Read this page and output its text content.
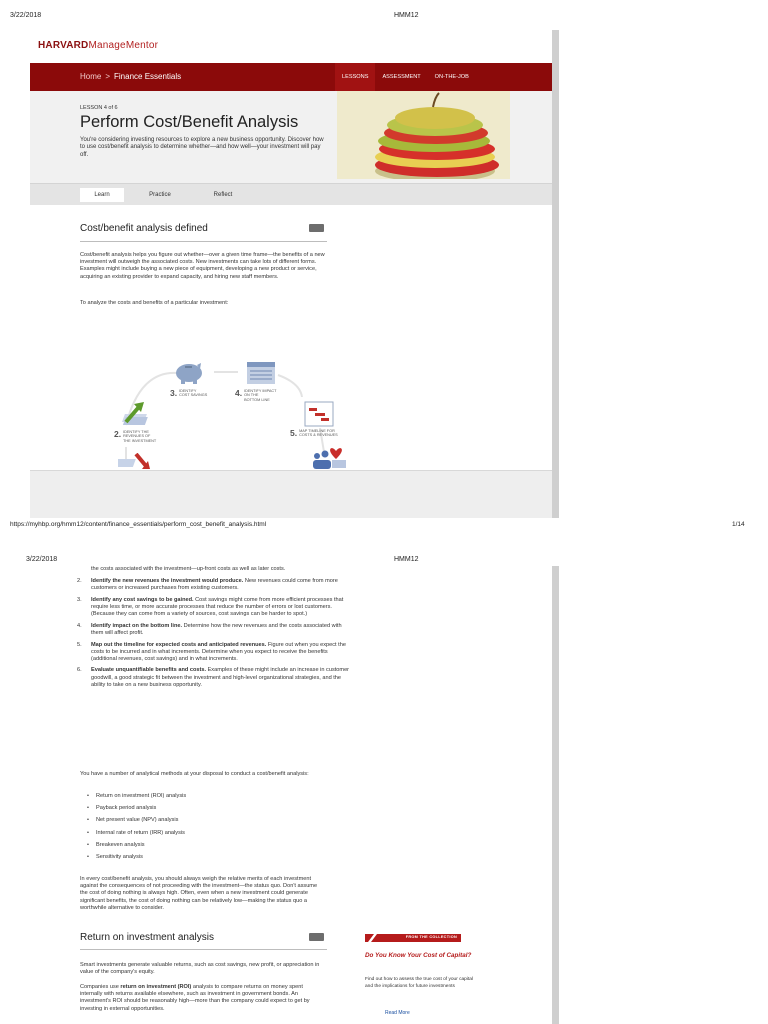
3/22/2018	HMM12
https://myhbp.org/hmm12/content/finance_essentials/perform_cost_benefit_analysis.html	1/14
3/22/2018	HMM12
HARVARDManageMentor
Home > Finance Essentials	LESSONS	ASSESSMENT	ON-THE-JOB
LESSON 4 of 6
Perform Cost/Benefit Analysis
You're considering investing resources to explore a new business opportunity. Discover how to use cost/benefit analysis to determine whether—and how well—your investment will pay off.
Learn	Practice	Reflect
Cost/benefit analysis defined
Cost/benefit analysis helps you figure out whether—over a given time frame—the benefits of a new investment will outweigh the associated costs. New investments can take lots of different forms. Examples might include buying a new piece of equipment, developing a new product or service, acquiring an existing provider to expand capacity, and hiring new staff members.
To analyze the costs and benefits of a particular investment:
2. IDENTIFY THE
REVENUES OF
THE INVESTMENT
3. IDENTIFY
COST SAVINGS	4. IDENTIFY IMPACT
ON THE
BOTTOM LINE
5. MAP TIMELINE FOR
COSTS & REVENUES
the costs associated with the investment—up-front costs as well as later costs.
2.	Identify the new revenues the investment would produce. New revenues could come from more customers or increased purchases from existing customers.
3.	Identify any cost savings to be gained. Cost savings might come from more efficient processes that require less time, or more accurate processes that reduce the number of errors or lost customers. (Because they can come from a variety of sources, cost savings can be harder to spot.)
4.	Identify impact on the bottom line. Determine how the new revenues and the costs associated with them will affect profit.
5.	Map out the timeline for expected costs and anticipated revenues. Figure out when you expect the costs to be incurred and in what increments. Determine when you expect to receive the benefits (additional revenues, cost savings) and in what increments.
6.	Evaluate unquantifiable benefits and costs. Examples of these might include an increase in customer goodwill, a good strategic fit between the investment and high-level organizational strategies, and the ability to take on a new business opportunity.
You have a number of analytical methods at your disposal to conduct a cost/benefit analysis:
• Return on investment (ROI) analysis
• Payback period analysis
• Net present value (NPV) analysis
• Internal rate of return (IRR) analysis
• Breakeven analysis
• Sensitivity analysis
In every cost/benefit analysis, you should always weigh the relative merits of each investment against the consequences of not proceeding with the investment—the status quo. Don't assume the cost of doing nothing is always high. Often, even when a new investment could generate significant benefits, the cost of doing nothing can be relatively low—making the status quo a worthwhile alternative to consider.
Return on investment analysis
Smart investments generate valuable returns, such as cost savings, new profit, or appreciation in value of the company's equity.
Companies use return on investment (ROI) analysis to compare returns on money spent internally with returns available elsewhere, such as investment in government bonds. An investment's ROI should be reasonably high—more than the company could expect to get by investing in external opportunities.
FROM THE COLLECTION
Do You Know Your Cost of Capital?
Find out how to assess the true cost of your capital and the implications for future investments
Read More
